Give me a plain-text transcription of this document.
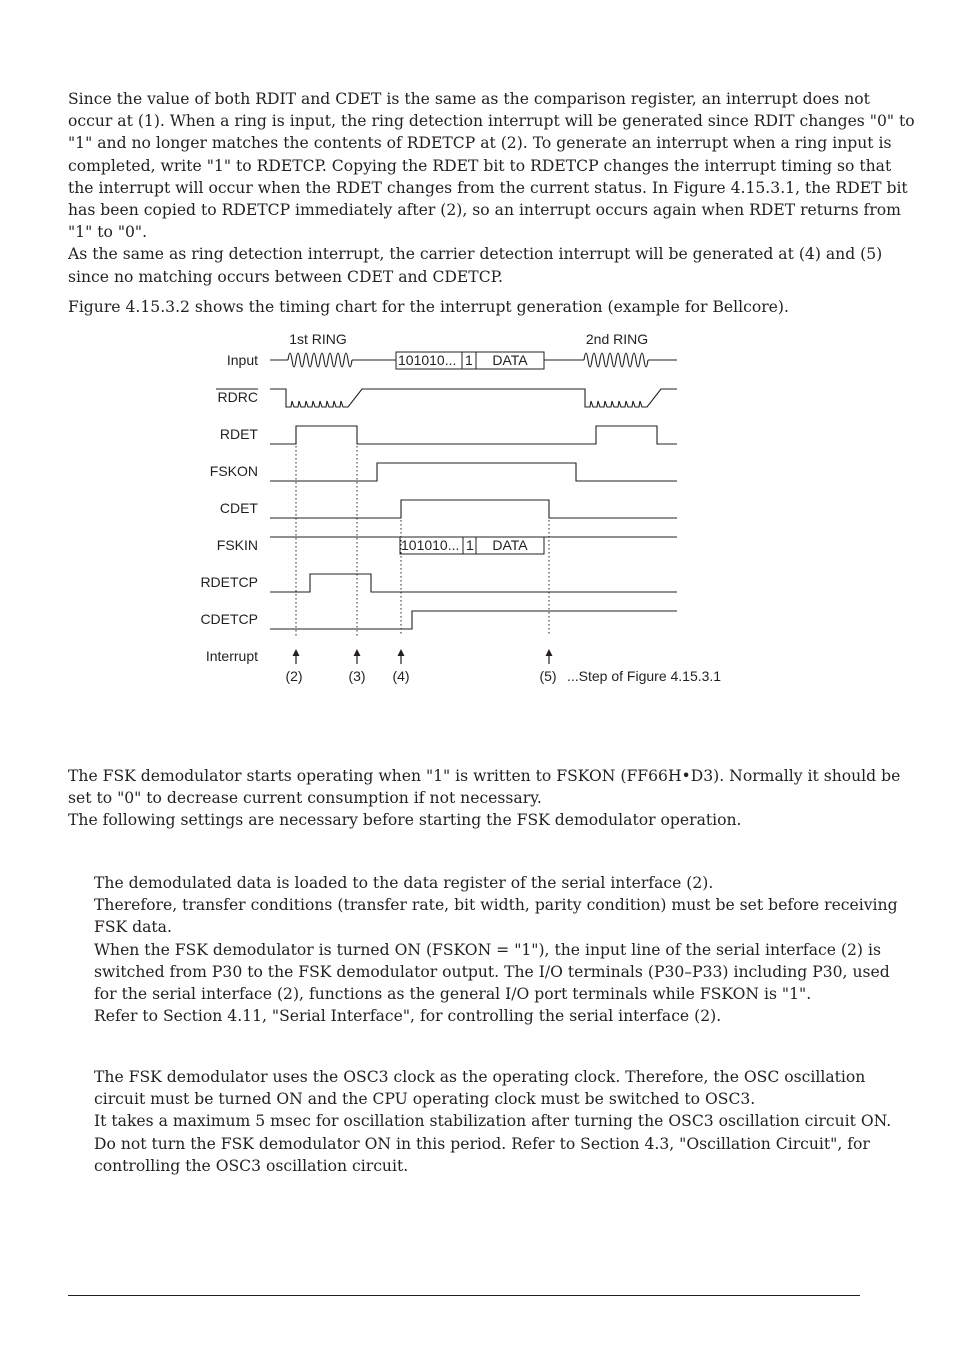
Since the value of both RDIT and CDET is the same as the comparison register, an interrupt does not
occur at (1). When a ring is input, the ring detection interrupt will be generated since RDIT changes "0" to
"1" and no longer matches the contents of RDETCP at (2). To generate an interrupt when a ring input is
completed, write "1" to RDETCP. Copying the RDET bit to RDETCP changes the interrupt timing so that
the interrupt will occur when the RDET changes from the current status. In Figure 4.15.3.1, the RDET bit
has been copied to RDETCP immediately after (2), so an interrupt occurs again when RDET returns from
"1" to "0".
As the same as ring detection interrupt, the carrier detection interrupt will be generated at (4) and (5)
since no matching occurs between CDET and CDETCP.
Figure 4.15.3.2 shows the timing chart for the interrupt generation (example for Bellcore).
1st RING	2nd RING
Input
RDRC
RDET
FSKON
CDET
FSKIN
RDETCP
CDETCP
Interrupt
101010... 1 DATA
101010... 1 DATA
(2)	(3) (4)	(5) ...Step of Figure 4.15.3.1
The FSK demodulator starts operating when "1" is written to FSKON (FF66H•D3). Normally it should be
set to "0" to decrease current consumption if not necessary.
The following settings are necessary before starting the FSK demodulator operation.
The demodulated data is loaded to the data register of the serial interface (2).
Therefore, transfer conditions (transfer rate, bit width, parity condition) must be set before receiving
FSK data.
When the FSK demodulator is turned ON (FSKON = "1"), the input line of the serial interface (2) is
switched from P30 to the FSK demodulator output. The I/O terminals (P30–P33) including P30, used
for the serial interface (2), functions as the general I/O port terminals while FSKON is "1".
Refer to Section 4.11, "Serial Interface", for controlling the serial interface (2).
The FSK demodulator uses the OSC3 clock as the operating clock. Therefore, the OSC oscillation
circuit must be turned ON and the CPU operating clock must be switched to OSC3.
It takes a maximum 5 msec for oscillation stabilization after turning the OSC3 oscillation circuit ON.
Do not turn the FSK demodulator ON in this period. Refer to Section 4.3, "Oscillation Circuit", for
controlling the OSC3 oscillation circuit.
